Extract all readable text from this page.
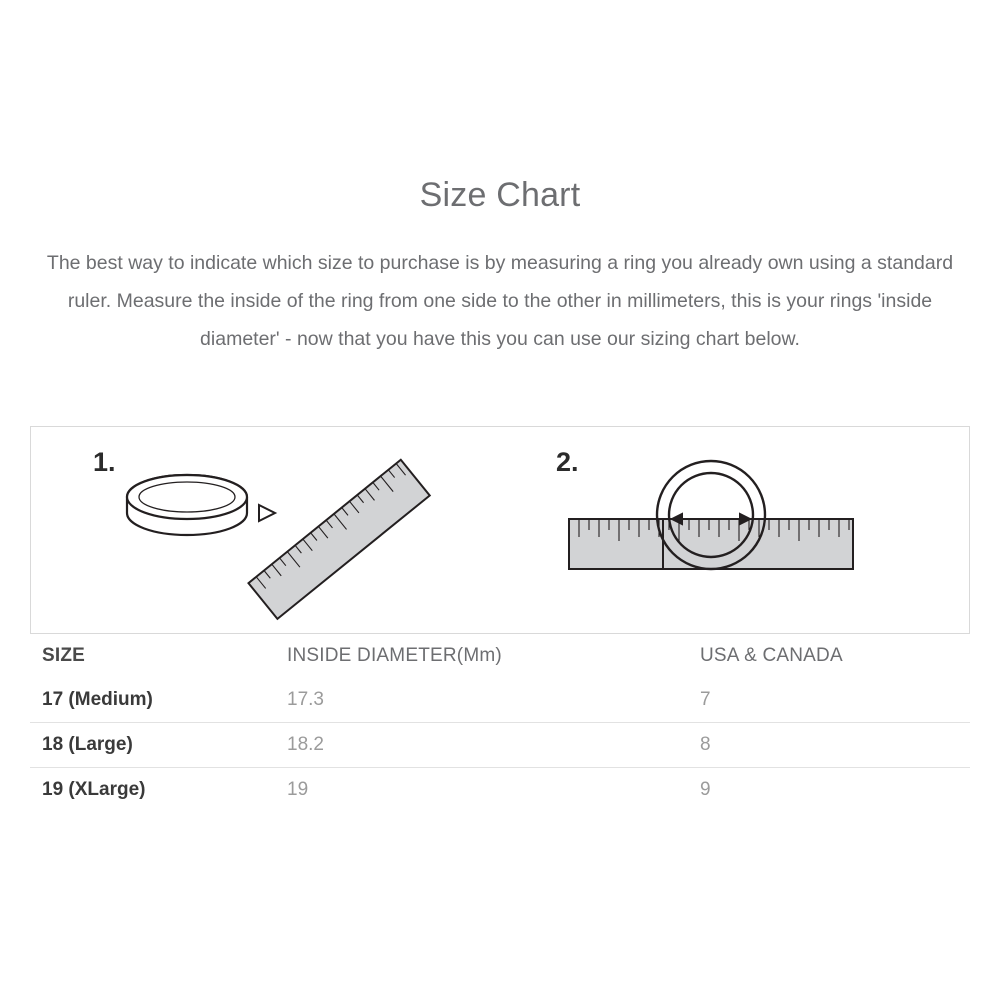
Size Chart

The best way to indicate which size to purchase is by measuring a ring you already own using a standard ruler. Measure the inside of the ring from one side to the other in millimeters, this is your rings 'inside diameter' - now that you have this you can use our sizing chart below.

1.	2.
SIZE	INSIDE DIAMETER(Mm)	USA & CANADA
17 (Medium)	17.3	7
18 (Large)	18.2	8
19 (XLarge)	19	9
